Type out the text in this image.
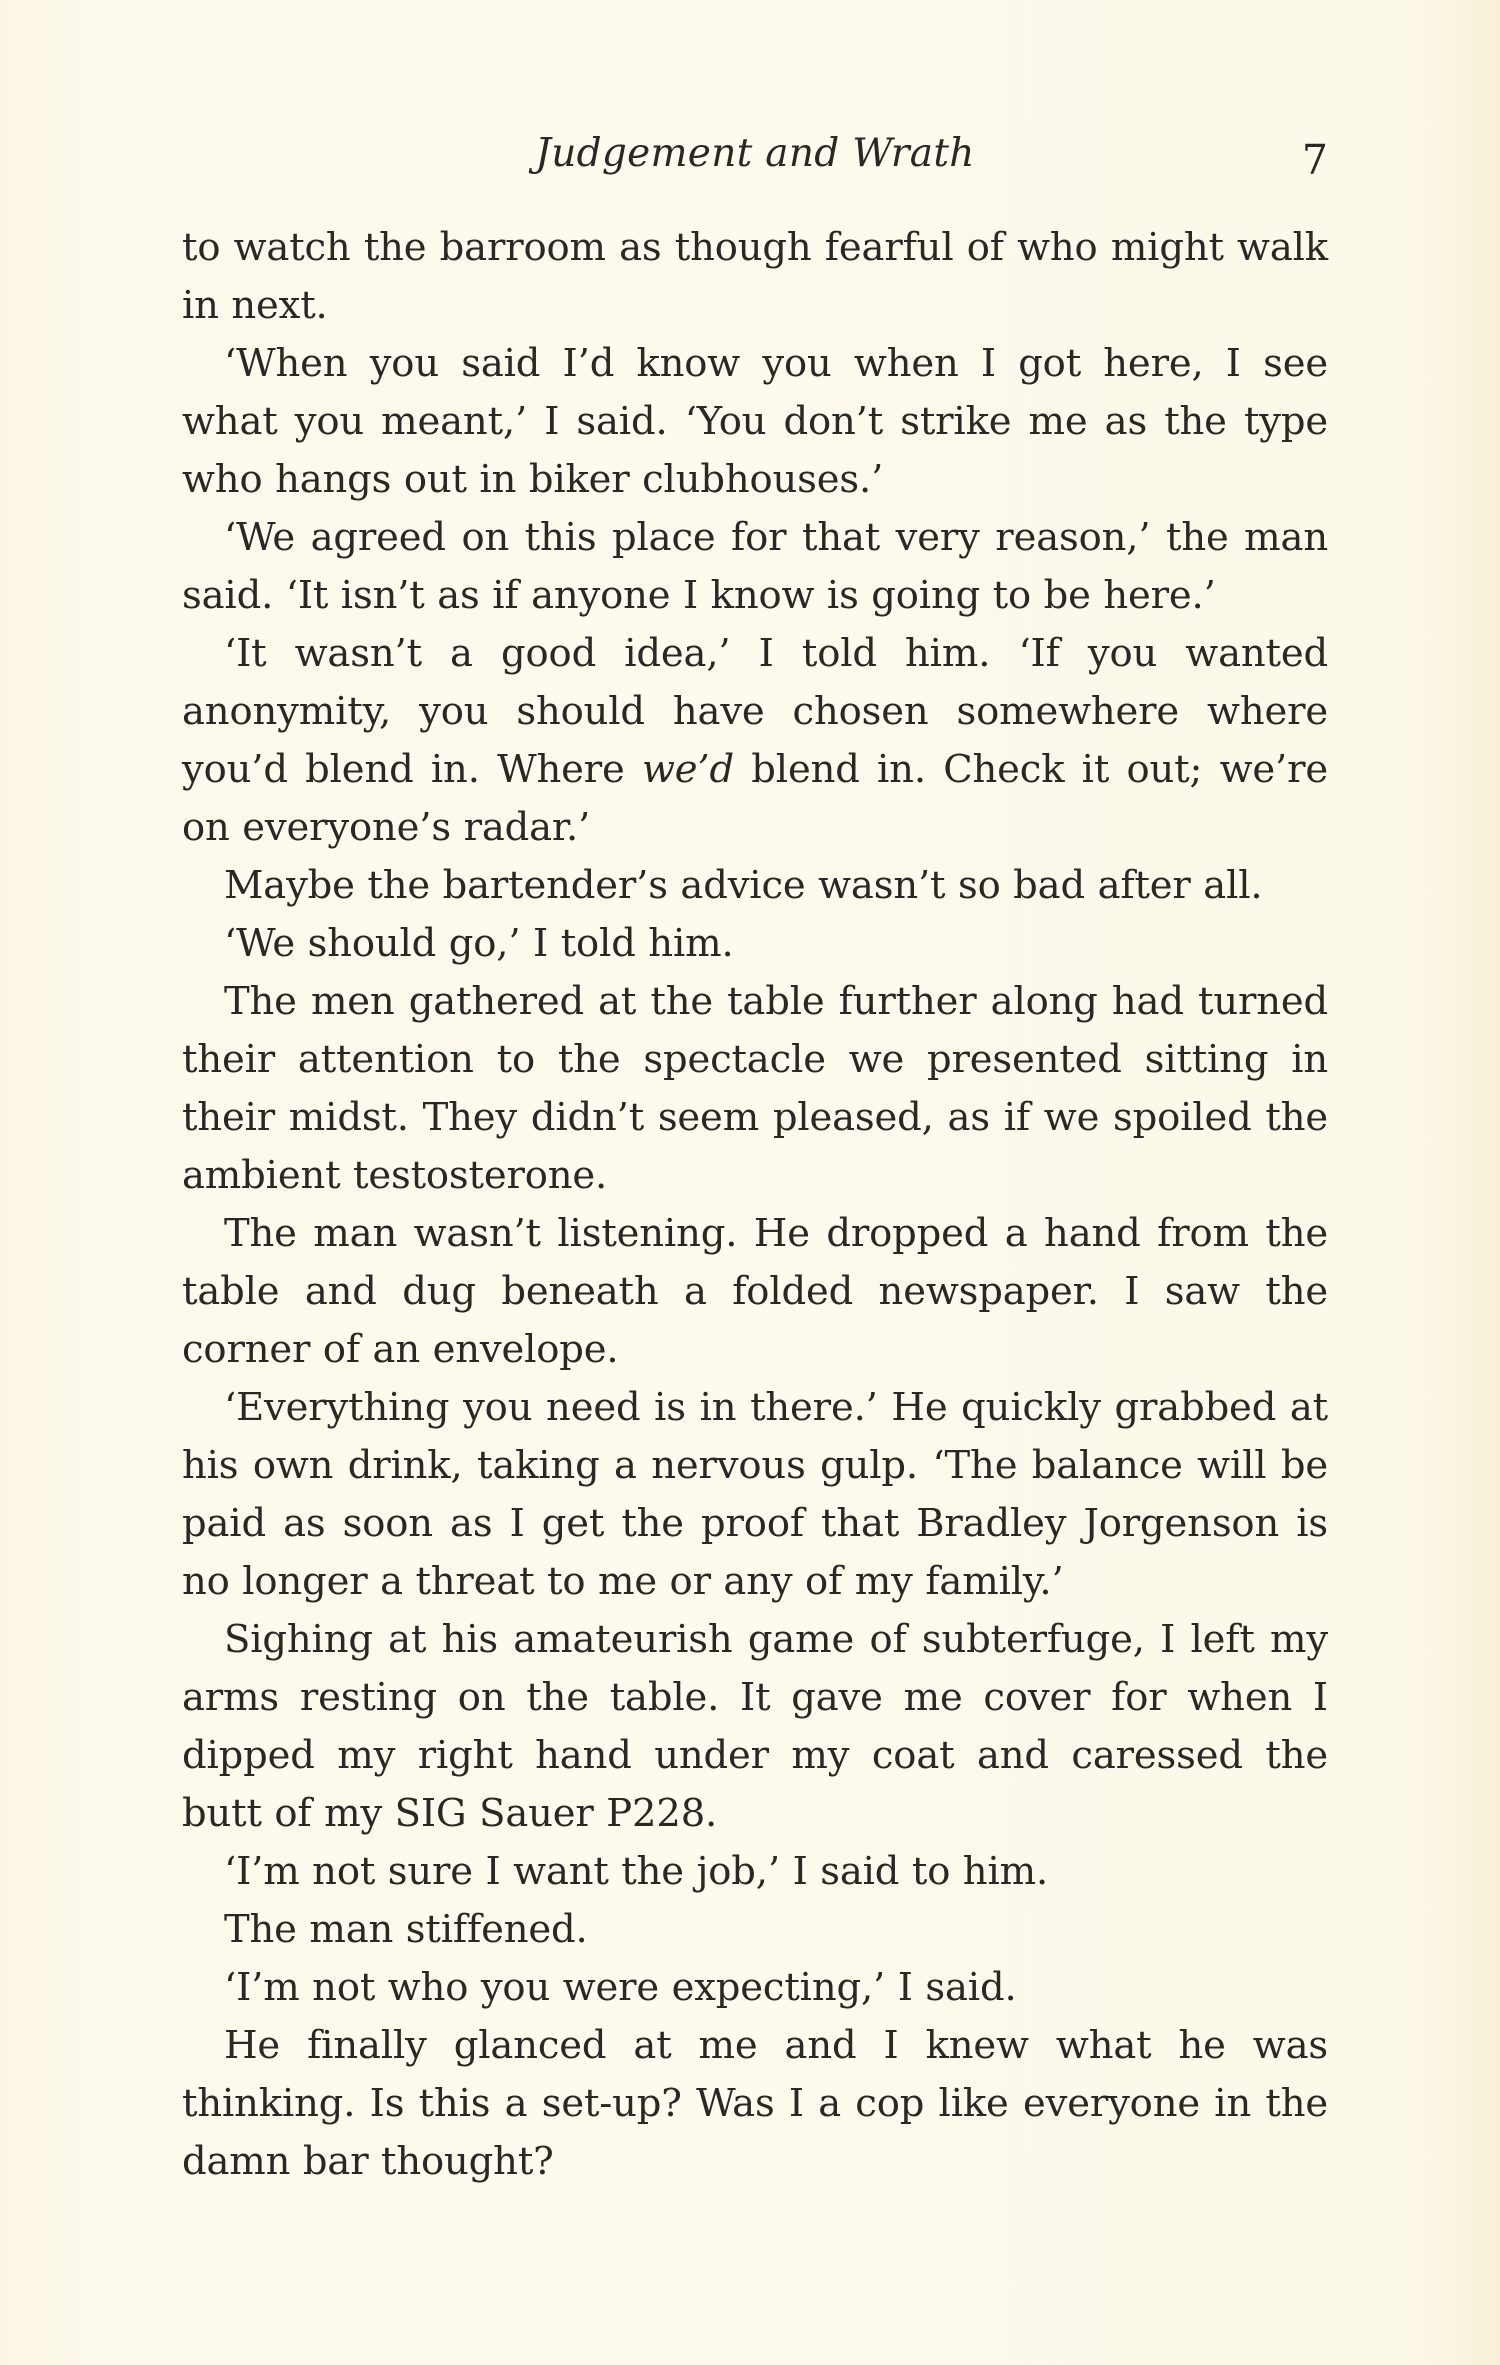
Judgement and Wrath	7

to watch the barroom as though fearful of who might walk in next.

‘When you said I’d know you when I got here, I see what you meant,’ I said. ‘You don’t strike me as the type who hangs out in biker clubhouses.’

‘We agreed on this place for that very reason,’ the man said. ‘It isn’t as if anyone I know is going to be here.’

‘It wasn’t a good idea,’ I told him. ‘If you wanted anonymity, you should have chosen somewhere where you’d blend in. Where we’d blend in. Check it out; we’re on everyone’s radar.’

Maybe the bartender’s advice wasn’t so bad after all.

‘We should go,’ I told him.

The men gathered at the table further along had turned their attention to the spectacle we presented sitting in their midst. They didn’t seem pleased, as if we spoiled the ambient testosterone.

The man wasn’t listening. He dropped a hand from the table and dug beneath a folded newspaper. I saw the corner of an envelope.

‘Everything you need is in there.’ He quickly grabbed at his own drink, taking a nervous gulp. ‘The balance will be paid as soon as I get the proof that Bradley Jorgenson is no longer a threat to me or any of my family.’

Sighing at his amateurish game of subterfuge, I left my arms resting on the table. It gave me cover for when I dipped my right hand under my coat and caressed the butt of my SIG Sauer P228.

‘I’m not sure I want the job,’ I said to him.

The man stiffened.

‘I’m not who you were expecting,’ I said.

He finally glanced at me and I knew what he was thinking. Is this a set-up? Was I a cop like everyone in the damn bar thought?
